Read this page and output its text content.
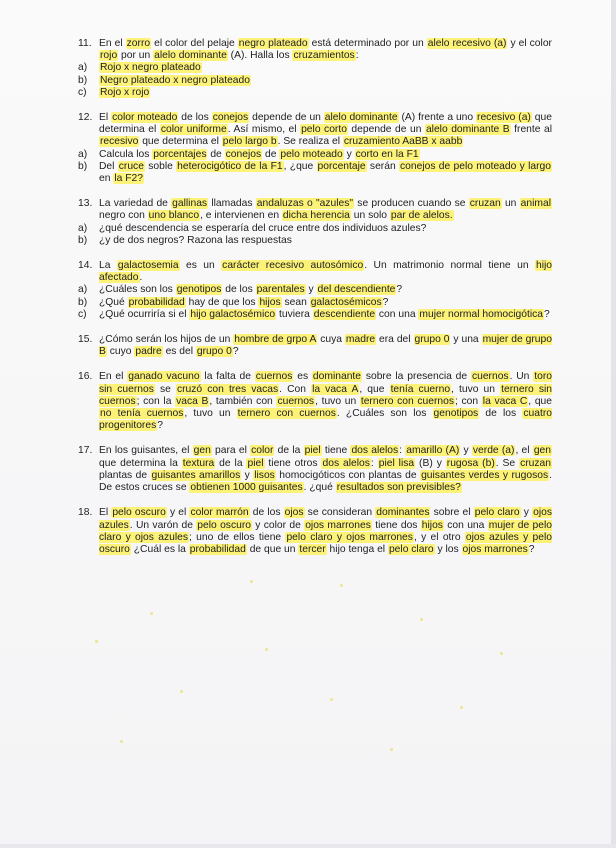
11. En el zorro el color del pelaje negro plateado está determinado por un alelo recesivo (a) y el color rojo por un alelo dominante (A). Halla los cruzamientos:
a) Rojo x negro plateado
b) Negro plateado x negro plateado
c) Rojo x rojo
12. El color moteado de los conejos depende de un alelo dominante (A) frente a uno recesivo (a) que determina el color uniforme. Así mismo, el pelo corto depende de un alelo dominante B frente al recesivo que determina el pelo largo b. Se realiza el cruzamiento AaBB x aabb
a) Calcula los porcentajes de conejos de pelo moteado y corto en la F1
b) Del cruce soble heterocigótico de la F1, ¿que porcentaje serán conejos de pelo moteado y largo en la F2?
13. La variedad de gallinas llamadas andaluzas o "azules" se producen cuando se cruzan un animal negro con uno blanco, e intervienen en dicha herencia un solo par de alelos.
a) ¿qué descendencia se esperaría del cruce entre dos individuos azules?
b) ¿y de dos negros? Razona las respuestas
14. La galactosemia es un carácter recesivo autosómico. Un matrimonio normal tiene un hijo afectado.
a) ¿Cuáles son los genotipos de los parentales y del descendiente?
b) ¿Qué probabilidad hay de que los hijos sean galactosémicos?
c) ¿Qué ocurriría si el hijo galactosémico tuviera descendiente con una mujer normal homocigótica?
15. ¿Cómo serán los hijos de un hombre de grpo A cuya madre era del grupo 0 y una mujer de grupo B cuyo padre es del grupo 0?
16. En el ganado vacuno la falta de cuernos es dominante sobre la presencia de cuernos. Un toro sin cuernos se cruzó con tres vacas. Con la vaca A, que tenía cuerno, tuvo un ternero sin cuernos; con la vaca B, también con cuernos, tuvo un ternero con cuernos; con la vaca C, que no tenía cuernos, tuvo un ternero con cuernos. ¿Cuáles son los genotipos de los cuatro progenitores?
17. En los guisantes, el gen para el color de la piel tiene dos alelos: amarillo (A) y verde (a), el gen que determina la textura de la piel tiene otros dos alelos: piel lisa (B) y rugosa (b). Se cruzan plantas de guisantes amarillos y lisos homocigóticos con plantas de guisantes verdes y rugosos. De estos cruces se obtienen 1000 guisantes. ¿qué resultados son previsibles?
18. El pelo oscuro y el color marrón de los ojos se consideran dominantes sobre el pelo claro y ojos azules. Un varón de pelo oscuro y color de ojos marrones tiene dos hijos con una mujer de pelo claro y ojos azules; uno de ellos tiene pelo claro y ojos marrones, y el otro ojos azules y pelo oscuro ¿Cuál es la probabilidad de que un tercer hijo tenga el pelo claro y los ojos marrones?
